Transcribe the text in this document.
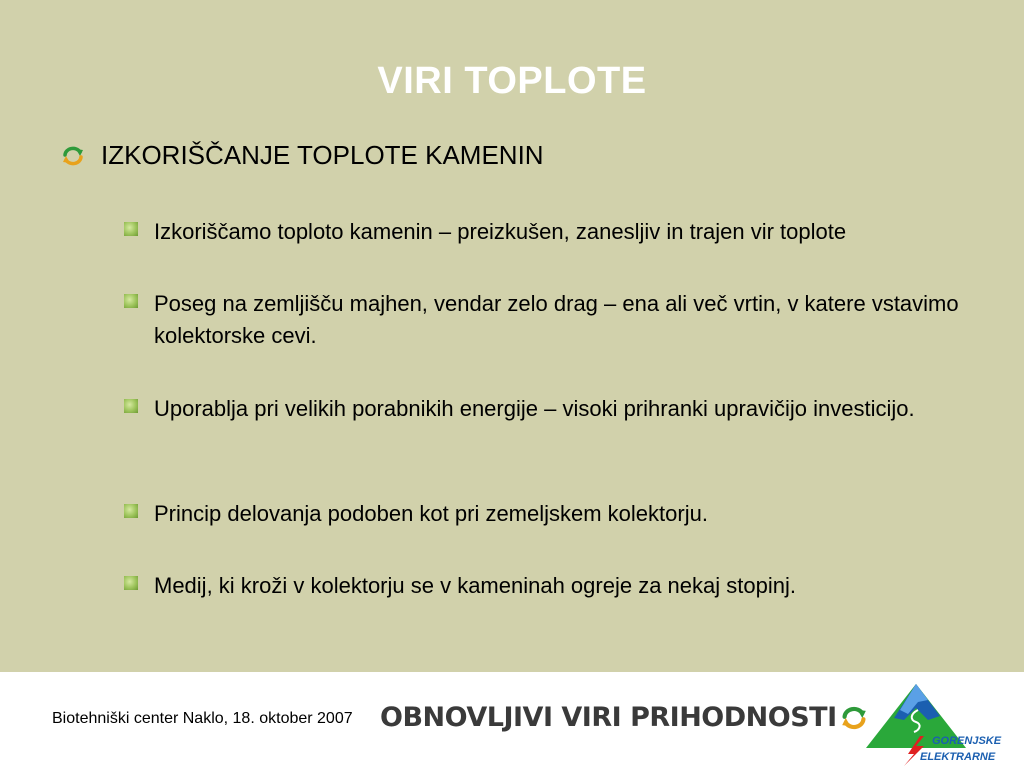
VIRI TOPLOTE
IZKORIŠČANJE TOPLOTE KAMENIN
Izkoriščamo toploto kamenin – preizkušen, zanesljiv in trajen vir toplote
Poseg na zemljišču majhen, vendar zelo drag – ena ali več vrtin, v katere vstavimo kolektorske cevi.
Uporablja pri velikih porabnikih energije – visoki prihranki upravičijo investicijo.
Princip delovanja podoben kot pri zemeljskem kolektorju.
Medij, ki kroži v kolektorju se v kameninah ogreje za nekaj stopinj.
Biotehniški center Naklo, 18. oktober 2007 OBNOVLJIVI VIRI PRIHODNOSTI
GORENJSKE
ELEKTRARNE
